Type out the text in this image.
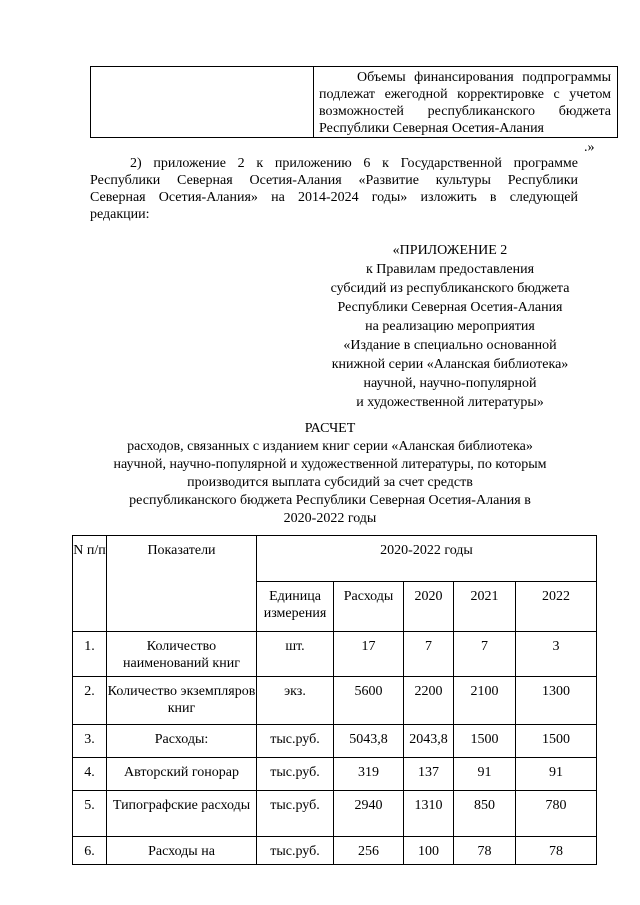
Объемы финансирования подпрограммы
подлежат ежегодной корректировке с учетом
возможностей республиканского бюджета
Республики Северная Осетия-Алания
.»
2) приложение 2 к приложению 6 к Государственной программе
Республики Северная Осетия-Алания «Развитие культуры Республики
Северная Осетия-Алания» на 2014-2024 годы» изложить в следующей
редакции:
«ПРИЛОЖЕНИЕ 2
к Правилам предоставления
субсидий из республиканского бюджета
Республики Северная Осетия-Алания
на реализацию мероприятия
«Издание в специально основанной
книжной серии «Аланская библиотека»
научной, научно-популярной
и художественной литературы»
РАСЧЕТ
расходов, связанных с изданием книг серии «Аланская библиотека»
научной, научно-популярной и художественной литературы, по которым
производится выплата субсидий за счет средств
республиканского бюджета Республики Северная Осетия-Алания в
2020-2022 годы
N п/п	Показатели	2020-2022 годы				
		Единица измерения	Расходы	2020	2021	2022
1.	Количество наименований книг	шт.	17	7	7	3
2.	Количество экземпляров книг	экз.	5600	2200	2100	1300
3.	Расходы:	тыс.руб.	5043,8	2043,8	1500	1500
4.	Авторский гонорар	тыс.руб.	319	137	91	91
5.	Типографские расходы	тыс.руб.	2940	1310	850	780
6.	Расходы на	тыс.руб.	256	100	78	78
